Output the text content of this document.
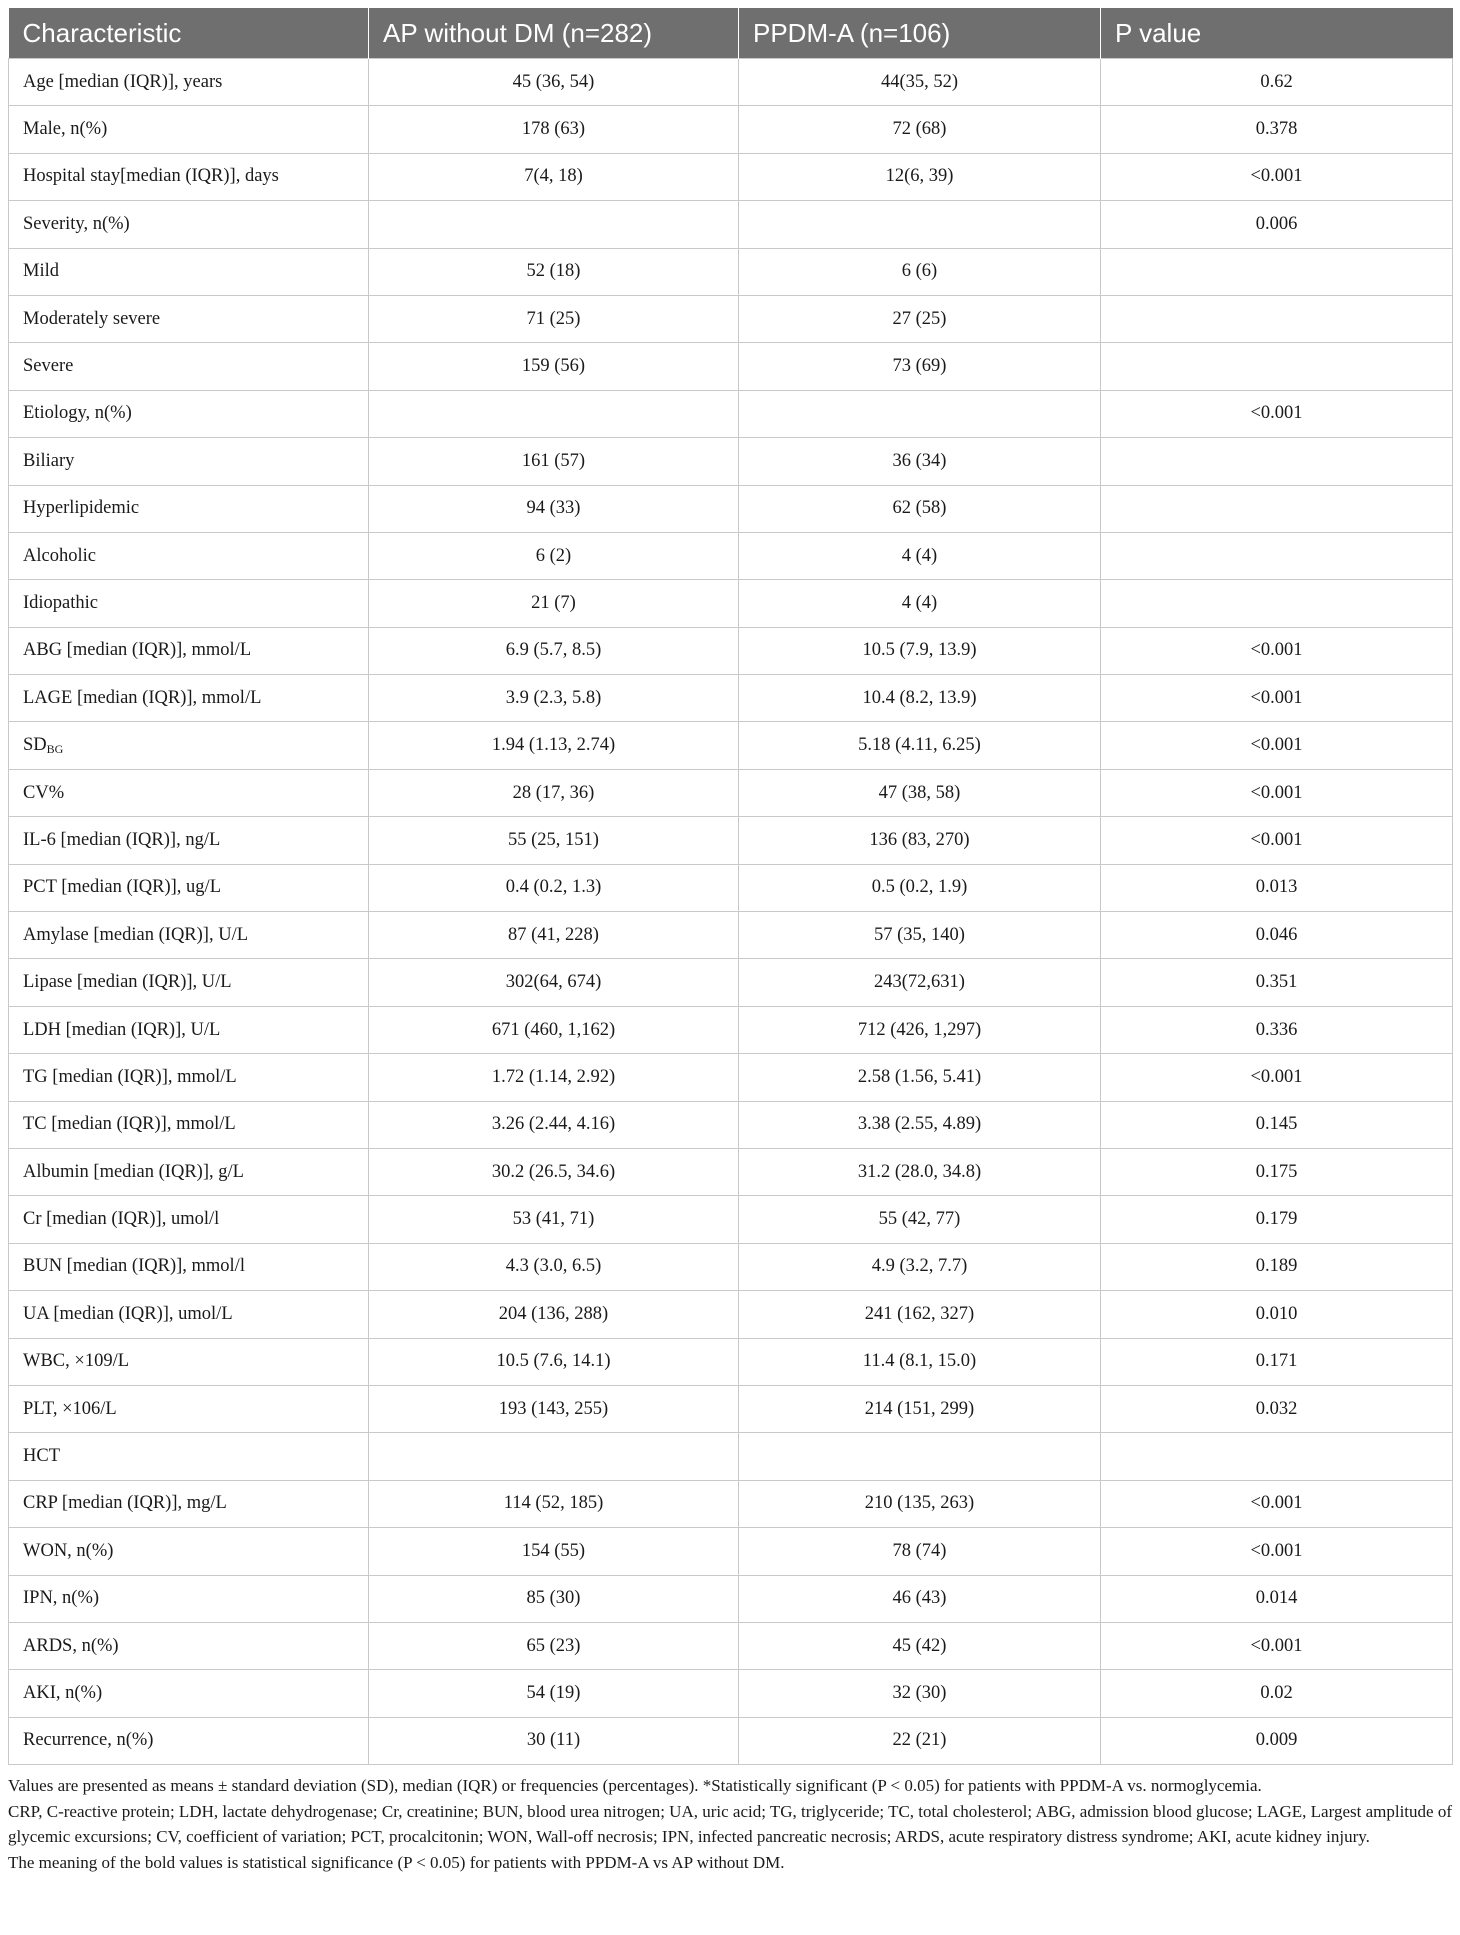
Characteristic	AP without DM (n=282)	PPDM-A (n=106)	P value
Age [median (IQR)], years	45 (36, 54)	44(35, 52)	0.62
Male, n(%)	178 (63)	72 (68)	0.378
Hospital stay[median (IQR)], days	7(4, 18)	12(6, 39)	<0.001
Severity, n(%)			0.006
Mild	52 (18)	6 (6)	
Moderately severe	71 (25)	27 (25)	
Severe	159 (56)	73 (69)	
Etiology, n(%)			<0.001
Biliary	161 (57)	36 (34)	
Hyperlipidemic	94 (33)	62 (58)	
Alcoholic	6 (2)	4 (4)	
Idiopathic	21 (7)	4 (4)	
ABG [median (IQR)], mmol/L	6.9 (5.7, 8.5)	10.5 (7.9, 13.9)	<0.001
LAGE [median (IQR)], mmol/L	3.9 (2.3, 5.8)	10.4 (8.2, 13.9)	<0.001
$SD_{BG}$	1.94 (1.13, 2.74)	5.18 (4.11, 6.25)	<0.001
CV%	28 (17, 36)	47 (38, 58)	<0.001
IL-6 [median (IQR)], ng/L	55 (25, 151)	136 (83, 270)	<0.001
PCT [median (IQR)], ug/L	0.4 (0.2, 1.3)	0.5 (0.2, 1.9)	0.013
Amylase [median (IQR)], U/L	87 (41, 228)	57 (35, 140)	0.046
Lipase [median (IQR)], U/L	302(64, 674)	243(72,631)	0.351
LDH [median (IQR)], U/L	671 (460, 1,162)	712 (426, 1,297)	0.336
TG [median (IQR)], mmol/L	1.72 (1.14, 2.92)	2.58 (1.56, 5.41)	<0.001
TC [median (IQR)], mmol/L	3.26 (2.44, 4.16)	3.38 (2.55, 4.89)	0.145
Albumin [median (IQR)], g/L	30.2 (26.5, 34.6)	31.2 (28.0, 34.8)	0.175
Cr [median (IQR)], umol/l	53 (41, 71)	55 (42, 77)	0.179
BUN [median (IQR)], mmol/l	4.3 (3.0, 6.5)	4.9 (3.2, 7.7)	0.189
UA [median (IQR)], umol/L	204 (136, 288)	241 (162, 327)	0.010
WBC, ×109/L	10.5 (7.6, 14.1)	11.4 (8.1, 15.0)	0.171
PLT, ×106/L	193 (143, 255)	214 (151, 299)	0.032
HCT			
CRP [median (IQR)], mg/L	114 (52, 185)	210 (135, 263)	<0.001
WON, n(%)	154 (55)	78 (74)	<0.001
IPN, n(%)	85 (30)	46 (43)	0.014
ARDS, n(%)	65 (23)	45 (42)	<0.001
AKI, n(%)	54 (19)	32 (30)	0.02
Recurrence, n(%)	30 (11)	22 (21)	0.009

Values are presented as means ± standard deviation (SD), median (IQR) or frequencies (percentages). *Statistically significant (P < 0.05) for patients with PPDM-A vs. normoglycemia.

CRP, C-reactive protein; LDH, lactate dehydrogenase; Cr, creatinine; BUN, blood urea nitrogen; UA, uric acid; TG, triglyceride; TC, total cholesterol; ABG, admission blood glucose; LAGE, Largest amplitude of glycemic excursions; CV, coefficient of variation; PCT, procalcitonin; WON, Wall-off necrosis; IPN, infected pancreatic necrosis; ARDS, acute respiratory distress syndrome; AKI, acute kidney injury.

The meaning of the bold values is statistical significance (P < 0.05) for patients with PPDM-A vs AP without DM.
